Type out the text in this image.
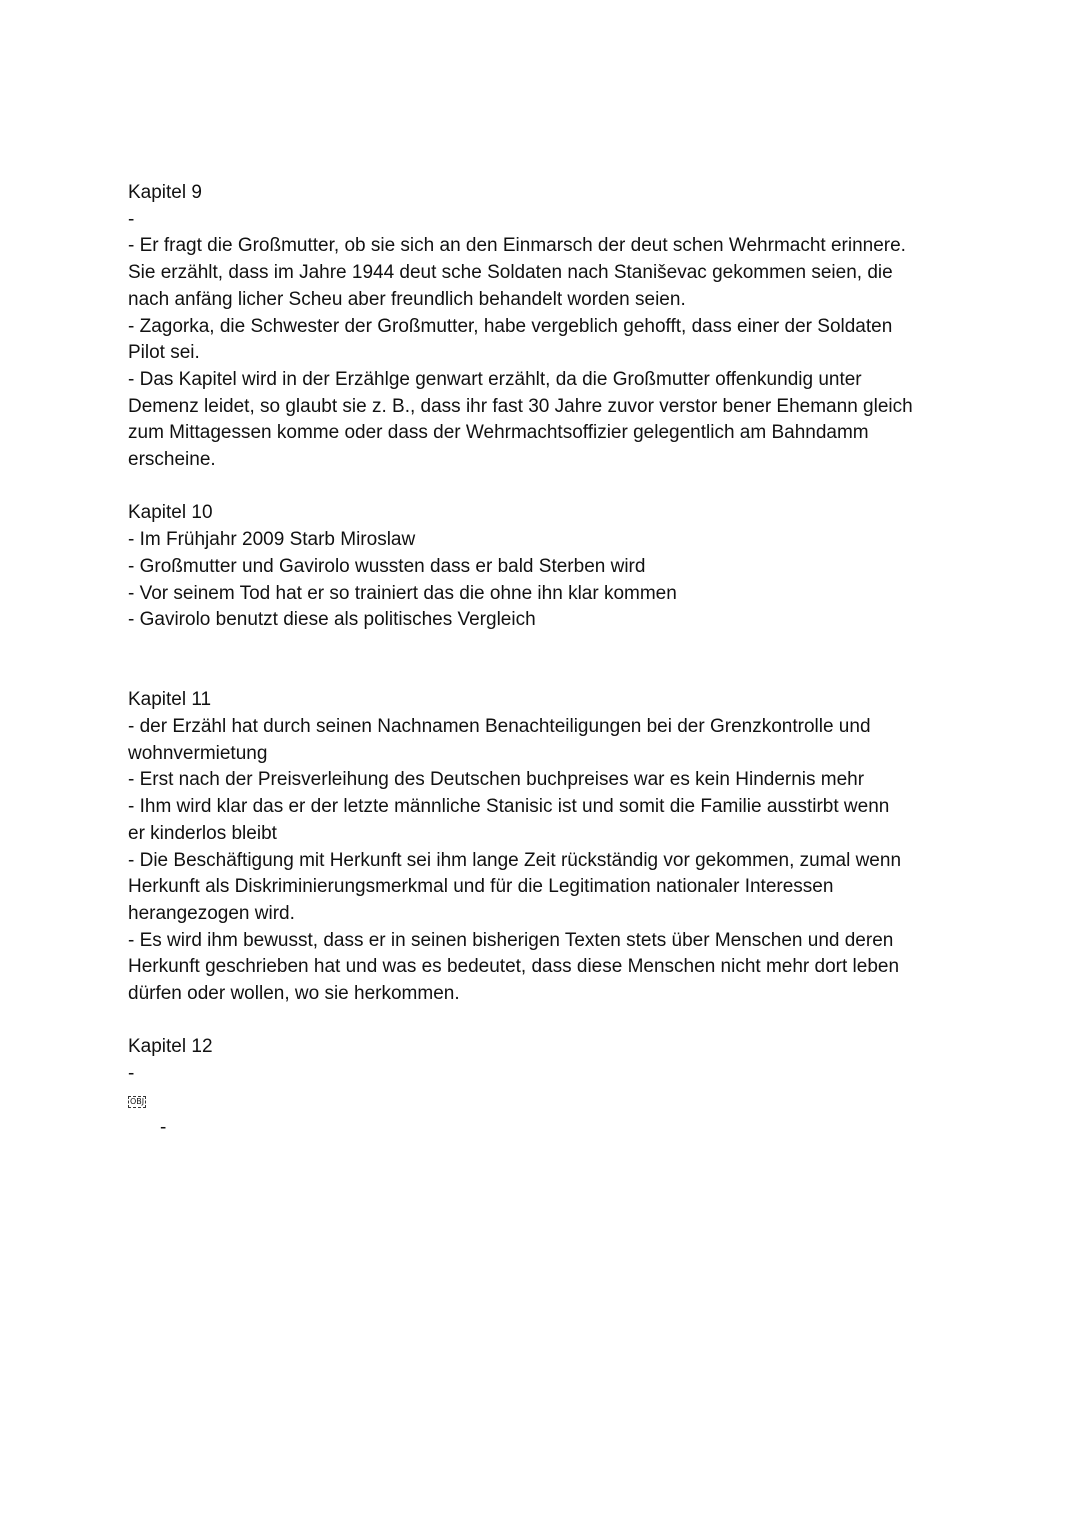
Kapitel 9
-
- Er fragt die Großmutter, ob sie sich an den Einmarsch der deut schen Wehrmacht erinnere.
Sie erzählt, dass im Jahre 1944 deut sche Soldaten nach Staniševac gekommen seien, die
nach anfäng licher Scheu aber freundlich behandelt worden seien.
- Zagorka, die Schwester der Großmutter, habe vergeblich gehofft, dass einer der Soldaten
Pilot sei.
- Das Kapitel wird in der Erzählge genwart erzählt, da die Großmutter offenkundig unter
Demenz leidet, so glaubt sie z. B., dass ihr fast 30 Jahre zuvor verstor bener Ehemann gleich
zum Mittagessen komme oder dass der Wehrmachtsoffizier gelegentlich am Bahndamm
erscheine.
Kapitel 10
- Im Frühjahr 2009 Starb Miroslaw
- Großmutter und Gavirolo wussten dass er bald Sterben wird
- Vor seinem Tod hat er so trainiert das die ohne ihn klar kommen
- Gavirolo benutzt diese als politisches Vergleich
Kapitel 11
- der Erzähl hat durch seinen Nachnamen Benachteiligungen bei der Grenzkontrolle und
wohnvermietung
- Erst nach der Preisverleihung des Deutschen buchpreises war es kein Hindernis mehr
- Ihm wird klar das er der letzte männliche Stanisic ist und somit die Familie ausstirbt wenn
er kinderlos bleibt
- Die Beschäftigung mit Herkunft sei ihm lange Zeit rückständig vor gekommen, zumal wenn
Herkunft als Diskriminierungsmerkmal und für die Legitimation nationaler Interessen
herangezogen wird.
- Es wird ihm bewusst, dass er in seinen bisherigen Texten stets über Menschen und deren
Herkunft geschrieben hat und was es bedeutet, dass diese Menschen nicht mehr dort leben
dürfen oder wollen, wo sie herkommen.
Kapitel 12
-
OBJ
-
